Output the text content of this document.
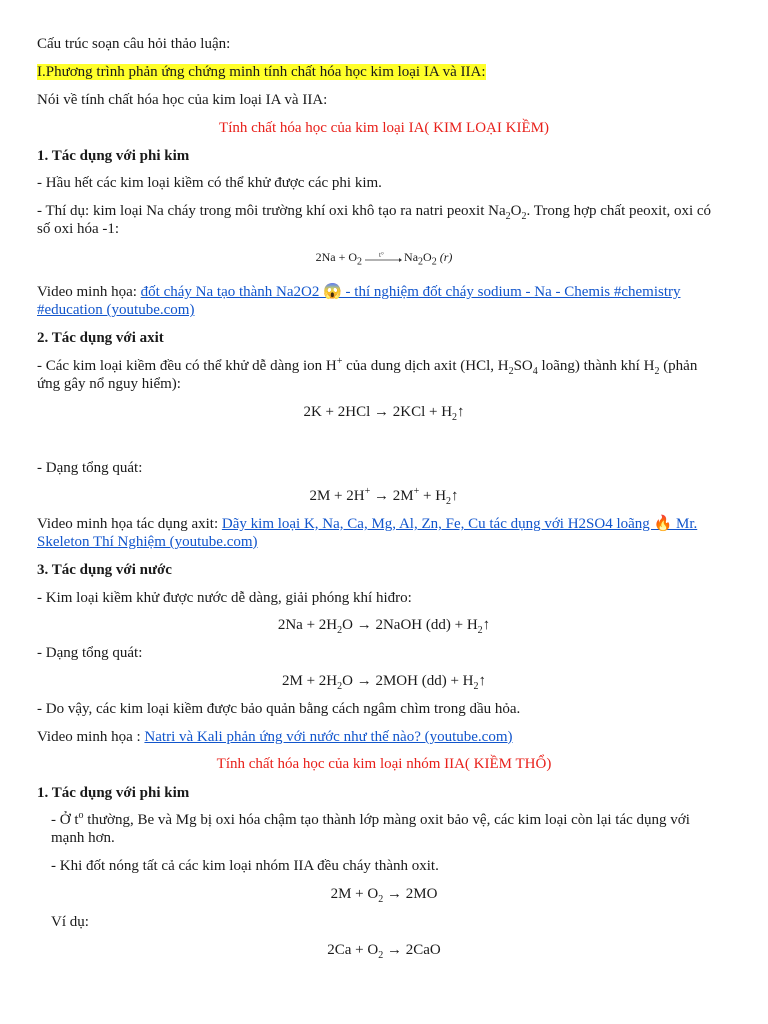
Cấu trúc soạn câu hỏi thảo luận:
I.Phương trình phản ứng chứng minh tính chất hóa học kim loại IA và IIA:
Nói về tính chất hóa học của kim loại IA và IIA:
Tính chất hóa học của kim loại IA( KIM LOẠI KIỀM)
1. Tác dụng với phi kim
- Hầu hết các kim loại kiềm có thể khử được các phi kim.
- Thí dụ: kim loại Na cháy trong môi trường khí oxi khô tạo ra natri peoxit $Na_2O_2$. Trong hợp chất peoxit, oxi có số oxi hóa -1:
$2Na + O_2$
t° $Na_2O_2$ (r)
Video minh họa: đốt cháy Na tạo thành Na2O2 😱 - thí nghiệm đốt cháy sodium - Na - Chemis #chemistry #education (youtube.com)
2. Tác dụng với axit
- Các kim loại kiềm đều có thể khử dễ dàng ion H+ của dung dịch axit (HCl, $H_2SO_4$ loãng) thành khí $H_2$ (phản ứng gây nổ nguy hiểm):
$2K + 2HCl \to 2KCl + H_2↑$
- Dạng tổng quát:
$2M + 2H^+ \to 2M^+ + H_2↑$
Video minh họa tác dụng axit: Dãy kim loại K, Na, Ca, Mg, Al, Zn, Fe, Cu tác dụng với H2SO4 loãng 🔥 Mr. Skeleton Thí Nghiệm (youtube.com)
3. Tác dụng với nước
- Kim loại kiềm khử được nước dễ dàng, giải phóng khí hiđro:
$2Na + 2H_2O$ → 2NaOH $(dd) + H_2↑$
- Dạng tổng quát:
$2M + 2H_2O \to 2MOH$ $(dd) + H_2↑$
- Do vậy, các kim loại kiềm được bảo quản bằng cách ngâm chìm trong dầu hỏa.
Video minh họa : Natri và Kali phản ứng với nước như thế nào? (youtube.com)
Tính chất hóa học của kim loại nhóm IIA( KIỀM THỔ)
1. Tác dụng với phi kim
- Ở $t^o$ thường, Be và Mg bị oxi hóa chậm tạo thành lớp màng oxit bảo vệ, các kim loại còn lại tác dụng với mạnh hơn.
- Khi đốt nóng tất cả các kim loại nhóm IIA đều cháy thành oxit.
$2M + O_2 \to 2MO$
Ví dụ:
$2Ca + O_2 \to 2CaO$
